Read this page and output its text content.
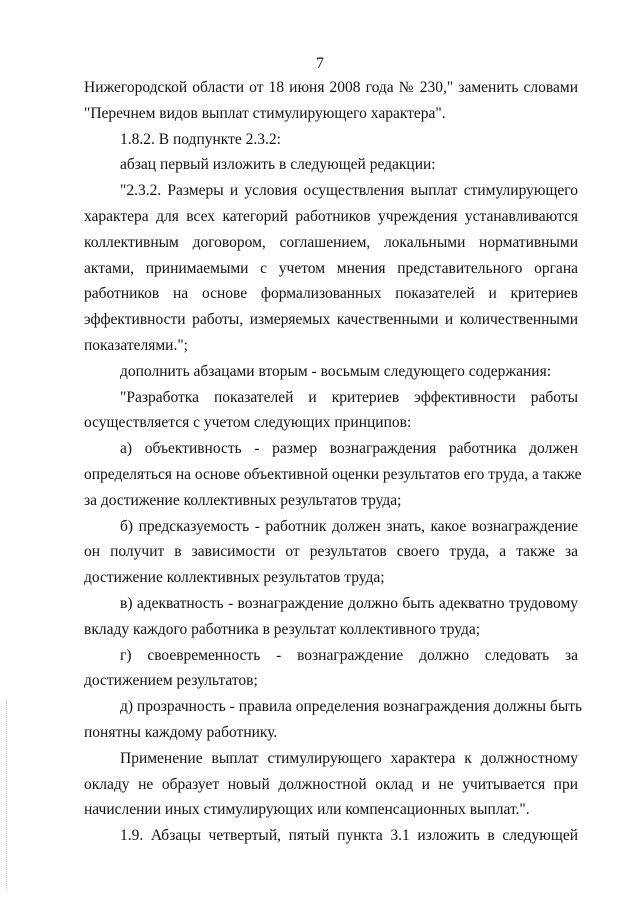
7
Нижегородской области от 18 июня 2008 года № 230," заменить словами
"Перечнем видов выплат стимулирующего характера".
1.8.2. В подпункте 2.3.2:
абзац первый изложить в следующей редакции:
"2.3.2. Размеры и условия осуществления выплат стимулирующего
характера для всех категорий работников учреждения устанавливаются
коллективным договором, соглашением, локальными нормативными
актами, принимаемыми с учетом мнения представительного органа
работников на основе формализованных показателей и критериев
эффективности работы, измеряемых качественными и количественными
показателями.";
дополнить абзацами вторым - восьмым следующего содержания:
"Разработка показателей и критериев эффективности работы
осуществляется с учетом следующих принципов:
а) объективность - размер вознаграждения работника должен
определяться на основе объективной оценки результатов его труда, а также
за достижение коллективных результатов труда;
б) предсказуемость - работник должен знать, какое вознаграждение
он получит в зависимости от результатов своего труда, а также за
достижение коллективных результатов труда;
в) адекватность - вознаграждение должно быть адекватно трудовому
вкладу каждого работника в результат коллективного труда;
г) своевременность - вознаграждение должно следовать за
достижением результатов;
д) прозрачность - правила определения вознаграждения должны быть
понятны каждому работнику.
Применение выплат стимулирующего характера к должностному
окладу не образует новый должностной оклад и не учитывается при
начислении иных стимулирующих или компенсационных выплат.".
1.9. Абзацы четвертый, пятый пункта 3.1 изложить в следующей
